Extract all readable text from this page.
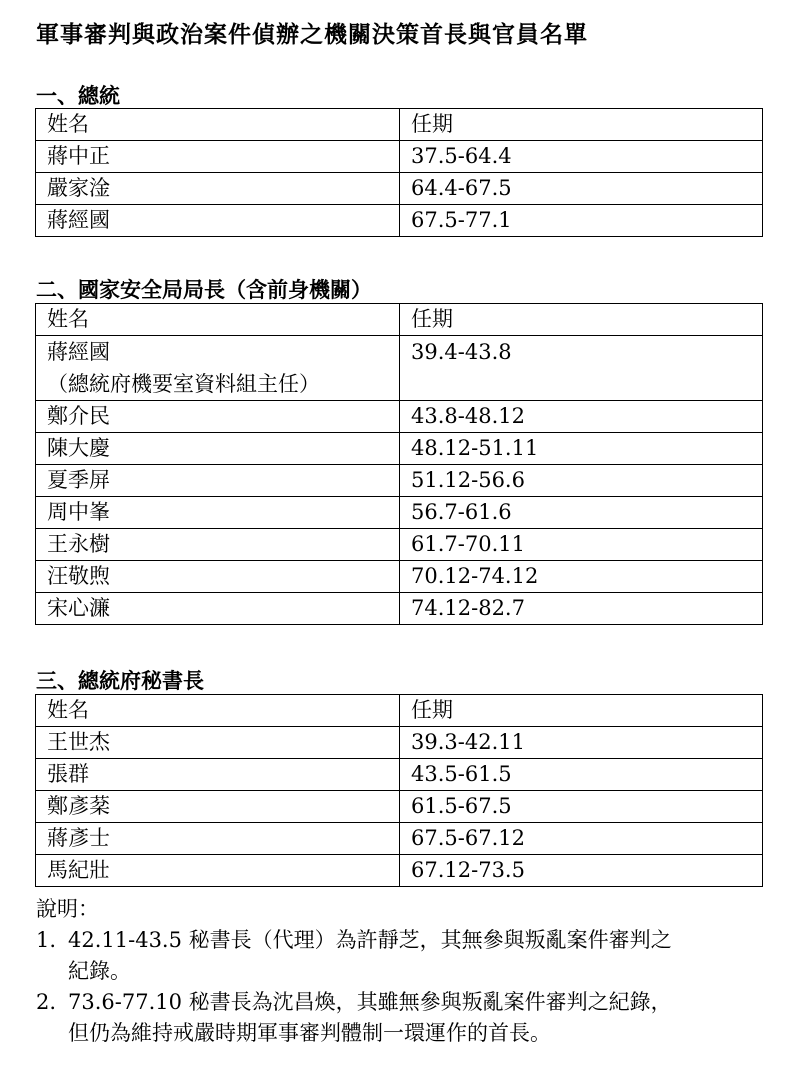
軍事審判與政治案件偵辦之機關決策首長與官員名單
一、總統
姓名	任期
蔣中正	37.5-64.4
嚴家淦	64.4-67.5
蔣經國	67.5-77.1
二、國家安全局局長（含前身機關）
姓名	任期
蔣經國
（總統府機要室資料組主任）	39.4-43.8
鄭介民	43.8-48.12
陳大慶	48.12-51.11
夏季屏	51.12-56.6
周中峯	56.7-61.6
王永樹	61.7-70.11
汪敬煦	70.12-74.12
宋心濂	74.12-82.7
三、總統府秘書長
姓名	任期
王世杰	39.3-42.11
張群	43.5-61.5
鄭彥棻	61.5-67.5
蔣彥士	67.5-67.12
馬紀壯	67.12-73.5
說明：
1. 42.11-43.5 秘書長（代理）為許靜芝，其無參與叛亂案件審判之
紀錄。
2. 73.6-77.10 秘書長為沈昌煥，其雖無參與叛亂案件審判之紀錄，
但仍為維持戒嚴時期軍事審判體制一環運作的首長。
